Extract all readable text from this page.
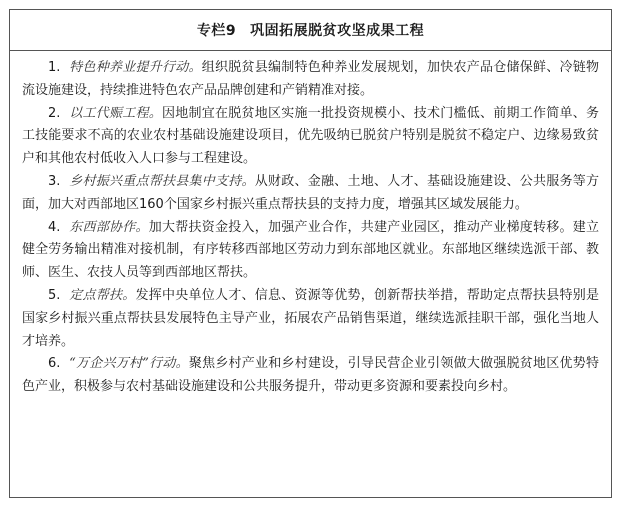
专栏9 巩固拓展脱贫攻坚成果工程

1. 特色种养业提升行动。组织脱贫县编制特色种养业发展规划，加快农产品仓储保鲜、冷链物流设施建设，持续推进特色农产品品牌创建和产销精准对接。

2. 以工代赈工程。因地制宜在脱贫地区实施一批投资规模小、技术门槛低、前期工作简单、务工技能要求不高的农业农村基础设施建设项目，优先吸纳已脱贫户特别是脱贫不稳定户、边缘易致贫户和其他农村低收入人口参与工程建设。

3. 乡村振兴重点帮扶县集中支持。从财政、金融、土地、人才、基础设施建设、公共服务等方面，加大对西部地区160个国家乡村振兴重点帮扶县的支持力度，增强其区域发展能力。

4. 东西部协作。加大帮扶资金投入，加强产业合作，共建产业园区，推动产业梯度转移。建立健全劳务输出精准对接机制，有序转移西部地区劳动力到东部地区就业。东部地区继续选派干部、教师、医生、农技人员等到西部地区帮扶。

5. 定点帮扶。发挥中央单位人才、信息、资源等优势，创新帮扶举措，帮助定点帮扶县特别是国家乡村振兴重点帮扶县发展特色主导产业，拓展农产品销售渠道，继续选派挂职干部，强化当地人才培养。

6. “万企兴万村”行动。聚焦乡村产业和乡村建设，引导民营企业引领做大做强脱贫地区优势特色产业，积极参与农村基础设施建设和公共服务提升，带动更多资源和要素投向乡村。
